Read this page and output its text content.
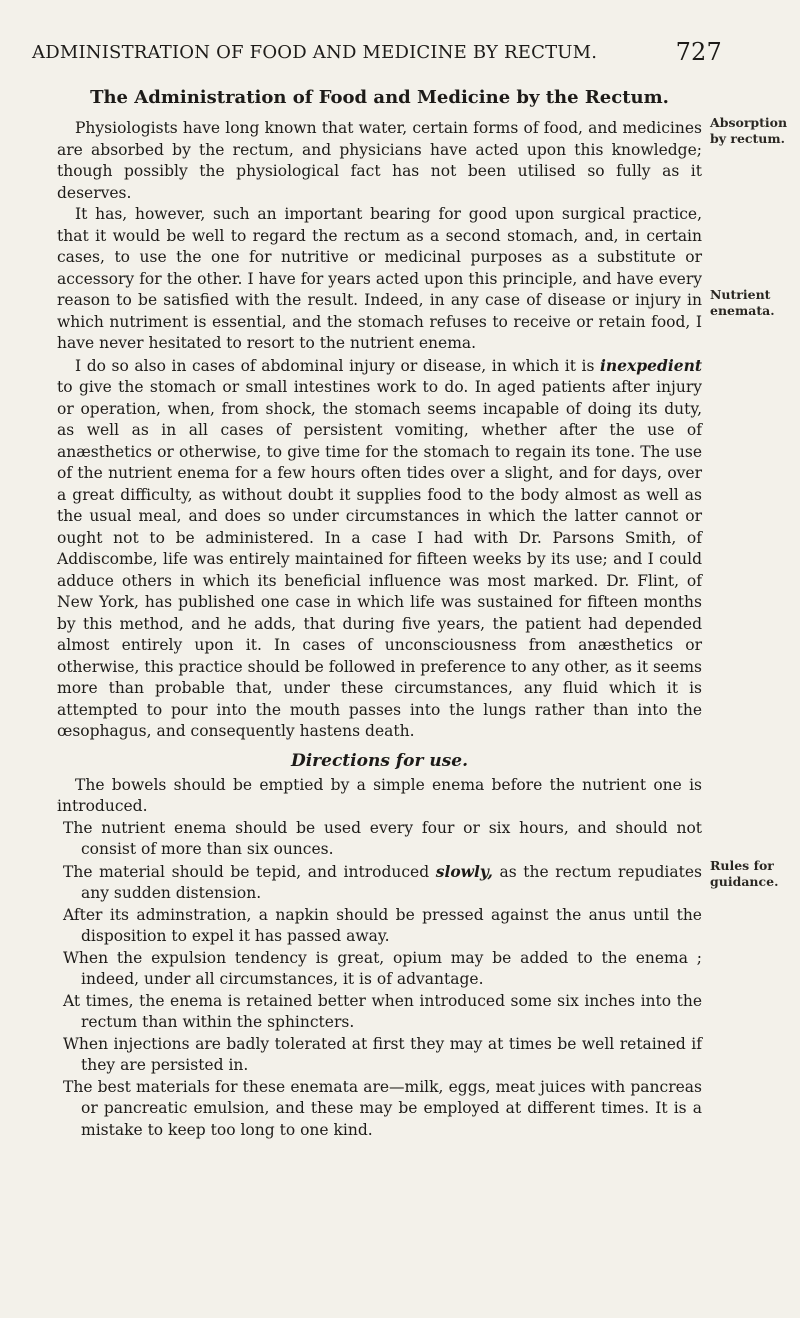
ADMINISTRATION OF FOOD AND MEDICINE BY RECTUM.	727
The Administration of Food and Medicine by the Rectum.

Physiologists have long known that water, certain forms of food, and medicines are absorbed by the rectum, and physicians have acted upon this knowledge; though possibly the physiological fact has not been utilised so fully as it deserves.

It has, however, such an important bearing for good upon surgical practice, that it would be well to regard the rectum as a second stomach, and, in certain cases, to use the one for nutritive or medicinal purposes as a substitute or accessory for the other. I have for years acted upon this principle, and have every reason to be satisfied with the result. Indeed, in any case of disease or injury in which nutriment is essential, and the stomach refuses to receive or retain food, I have never hesitated to resort to the nutrient enema.

I do so also in cases of abdominal injury or disease, in which it is inexpedient to give the stomach or small intestines work to do. In aged patients after injury or operation, when, from shock, the stomach seems incapable of doing its duty, as well as in all cases of persistent vomiting, whether after the use of anæsthetics or otherwise, to give time for the stomach to regain its tone. The use of the nutrient enema for a few hours often tides over a slight, and for days, over a great difficulty, as without doubt it supplies food to the body almost as well as the usual meal, and does so under circumstances in which the latter cannot or ought not to be administered. In a case I had with Dr. Parsons Smith, of Addiscombe, life was entirely maintained for fifteen weeks by its use; and I could adduce others in which its beneficial influence was most marked. Dr. Flint, of New York, has published one case in which life was sustained for fifteen months by this method, and he adds, that during five years, the patient had depended almost entirely upon it. In cases of unconsciousness from anæsthetics or otherwise, this practice should be followed in preference to any other, as it seems more than probable that, under these circumstances, any fluid which it is attempted to pour into the mouth passes into the lungs rather than into the œsophagus, and consequently hastens death.

Directions for use.
The bowels should be emptied by a simple enema before the nutrient one is introduced.
The nutrient enema should be used every four or six hours, and should not consist of more than six ounces.
The material should be tepid, and introduced slowly, as the rectum repudiates any sudden distension.
After its adminstration, a napkin should be pressed against the anus until the disposition to expel it has passed away.
When the expulsion tendency is great, opium may be added to the enema ; indeed, under all circumstances, it is of advantage.
At times, the enema is retained better when introduced some six inches into the rectum than within the sphincters.
When injections are badly tolerated at first they may at times be well retained if they are persisted in.
The best materials for these enemata are—milk, eggs, meat juices with pancreas or pancreatic emulsion, and these may be employed at different times. It is a mistake to keep too long to one kind.
Absorption by rectum.
Nutrient enemata.
Rules for guidance.
